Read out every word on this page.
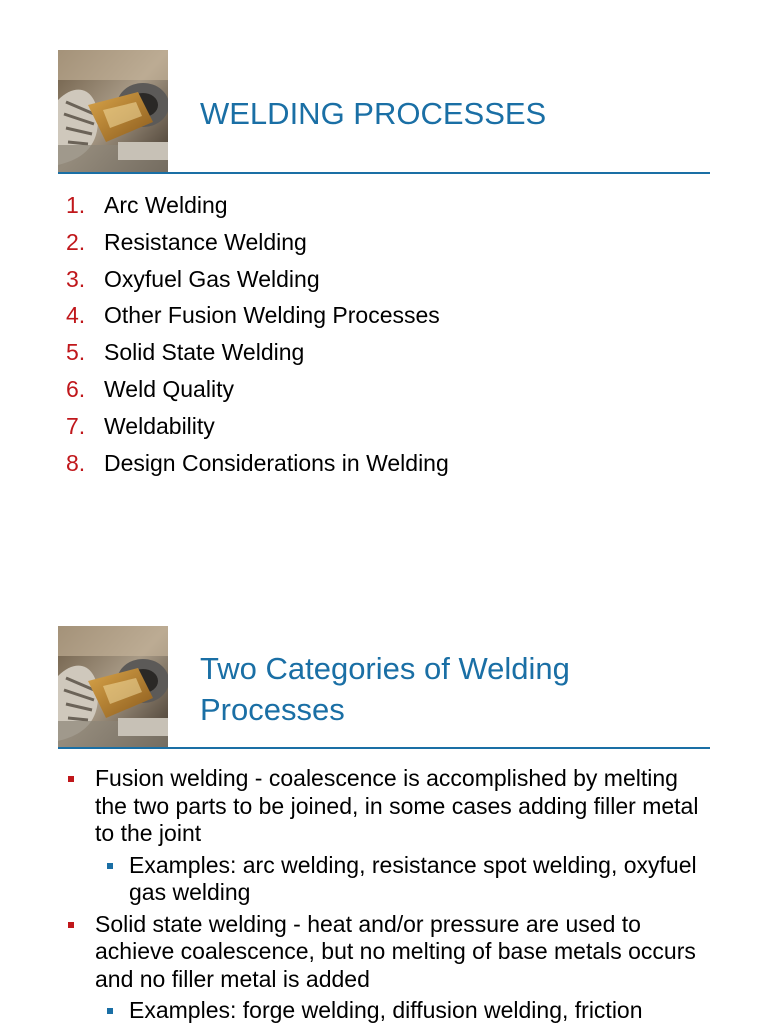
WELDING PROCESSES
1. Arc Welding
2. Resistance Welding
3. Oxyfuel Gas Welding
4. Other Fusion Welding Processes
5. Solid State Welding
6. Weld Quality
7. Weldability
8. Design Considerations in Welding
Two Categories of Welding Processes
Fusion welding - coalescence is accomplished by melting the two parts to be joined, in some cases adding filler metal to the joint
Examples: arc welding, resistance spot welding, oxyfuel gas welding
Solid state welding - heat and/or pressure are used to achieve coalescence, but no melting of base metals occurs and no filler metal is added
Examples: forge welding, diffusion welding, friction
